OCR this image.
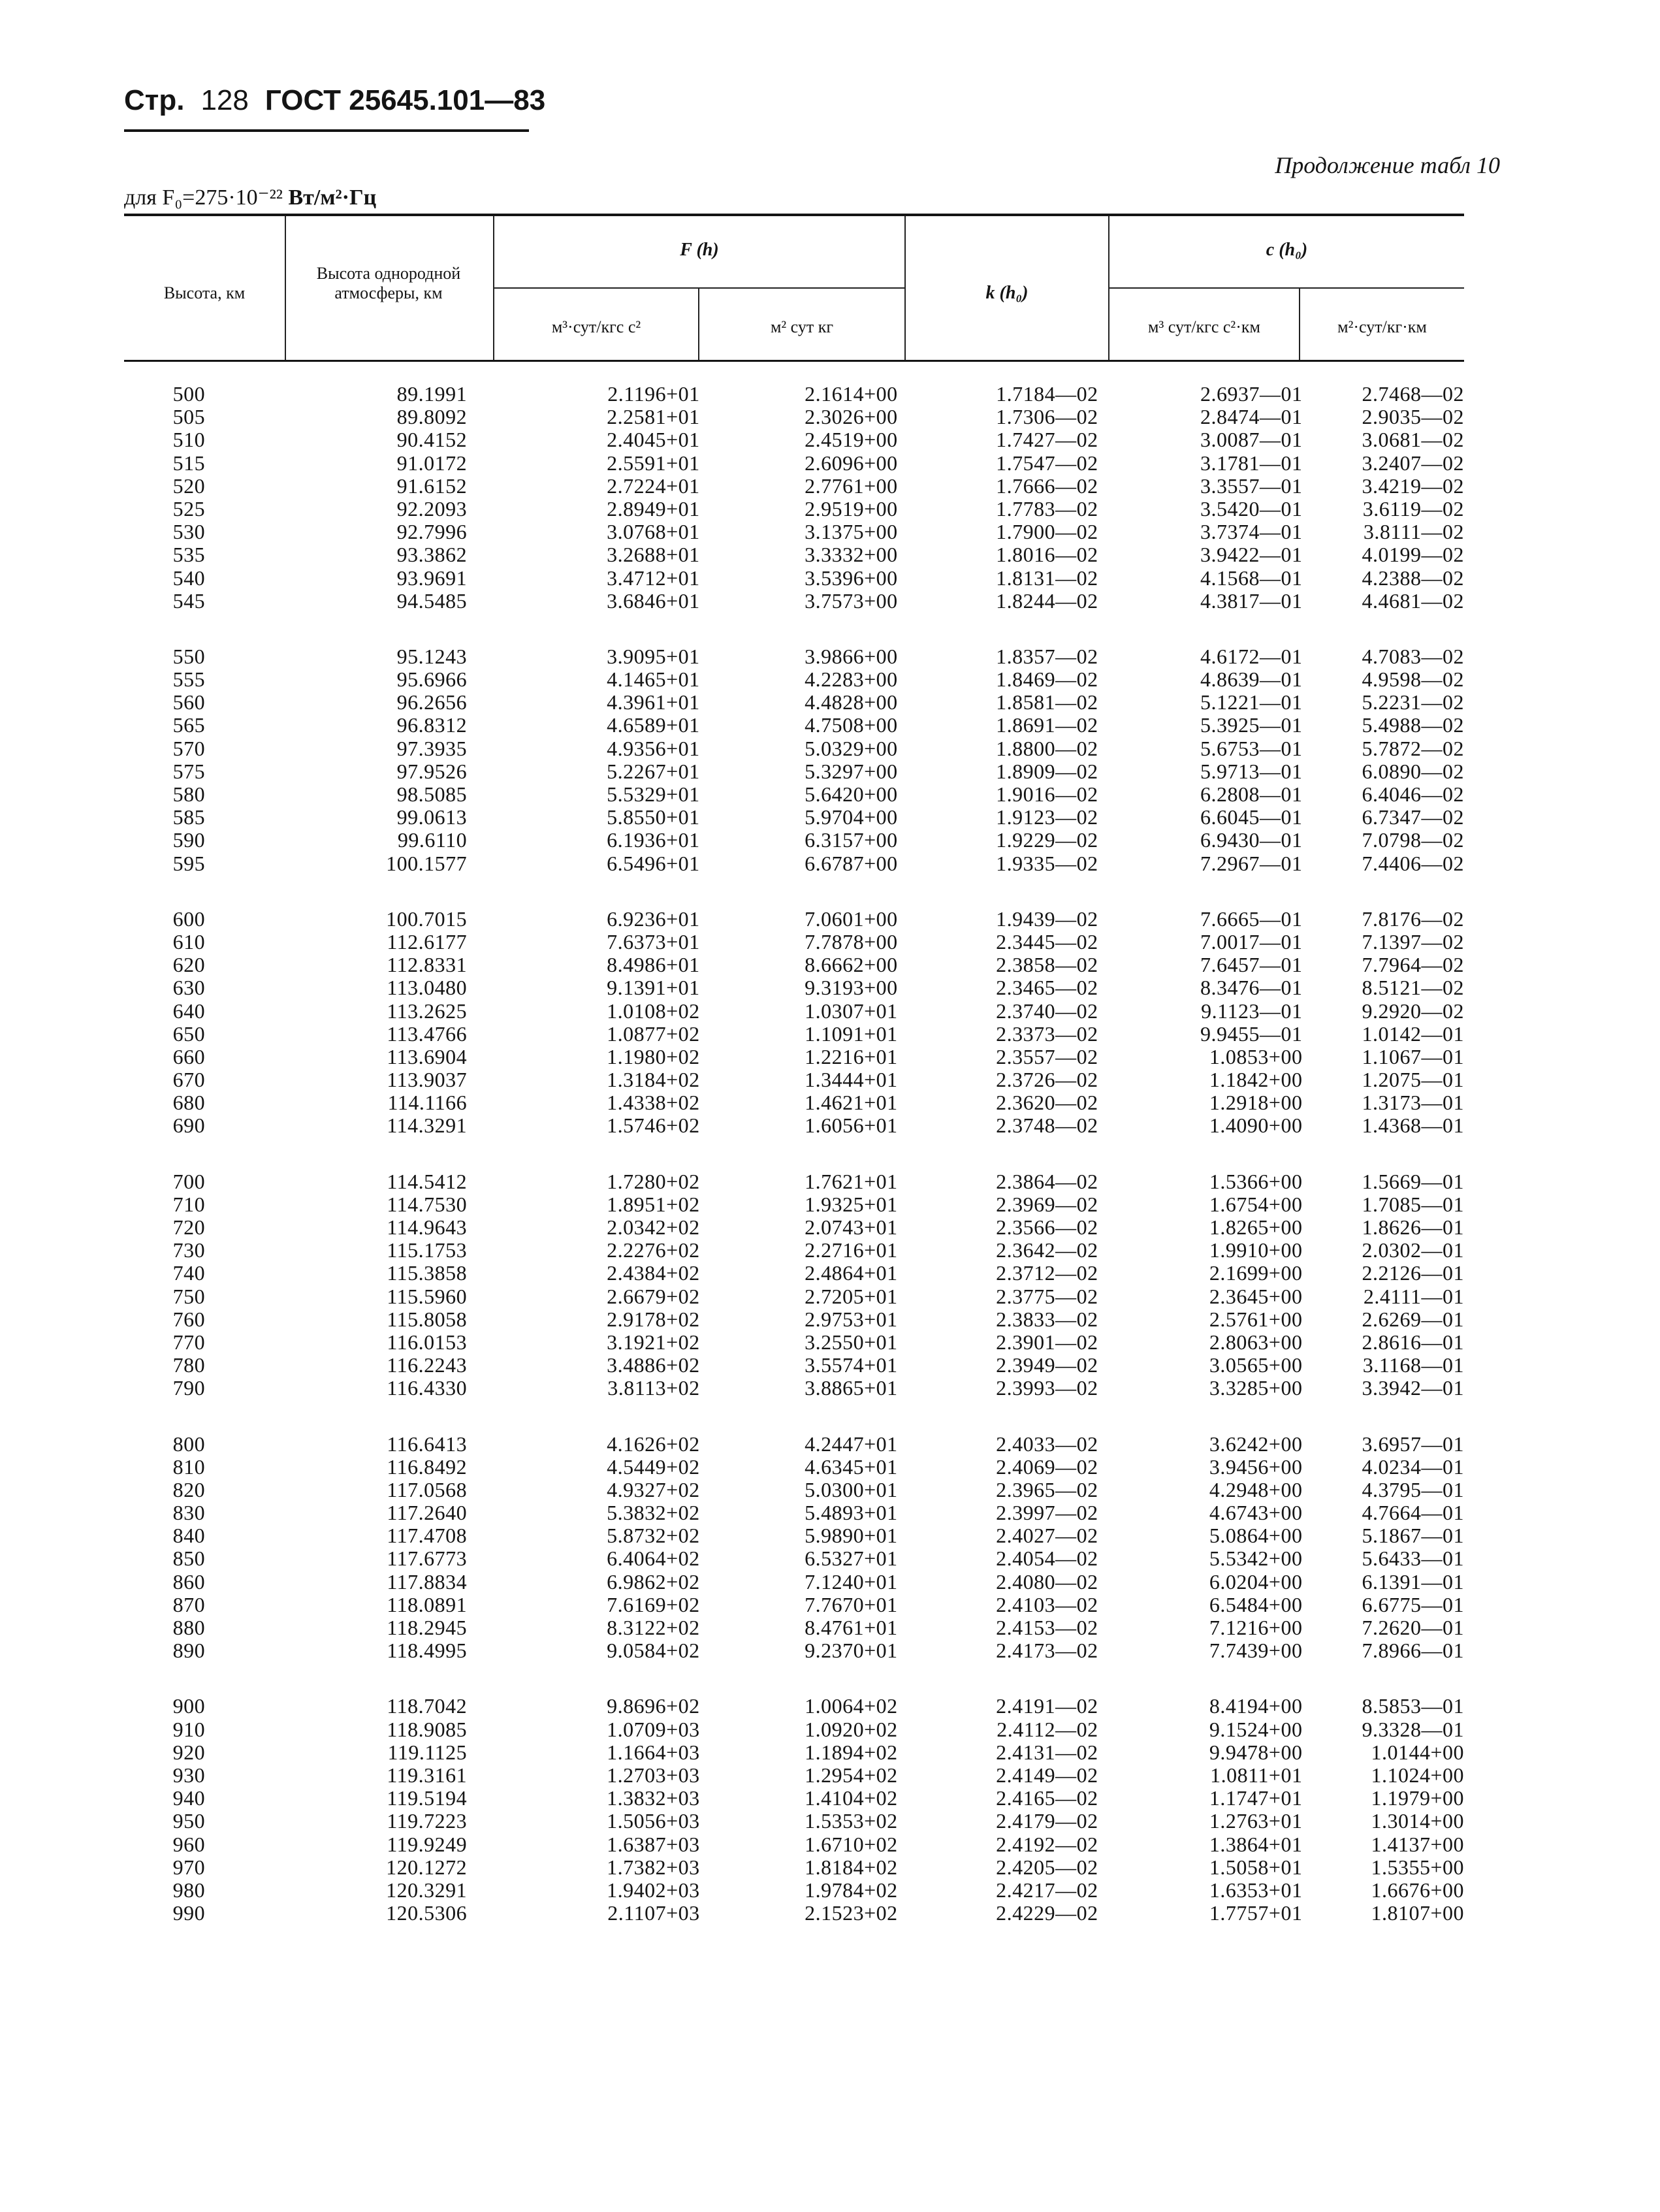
Стр. 128 ГОСТ 25645.101—83
Продолжение табл 10
для F₀=275·10⁻²² Вт/м²·Гц
Высота, км
Высота однородной атмосферы, км
F (h)
м³·сут/кгс с²	м² сут кг
k (h₀)
c (h₀)
м³ сут/кгс с²·км	м²·сут/кг·км
500	89.1991	2.1196+01	2.1614+00	1.7184—02	2.6937—01	2.7468—02
505	89.8092	2.2581+01	2.3026+00	1.7306—02	2.8474—01	2.9035—02
510	90.4152	2.4045+01	2.4519+00	1.7427—02	3.0087—01	3.0681—02
515	91.0172	2.5591+01	2.6096+00	1.7547—02	3.1781—01	3.2407—02
520	91.6152	2.7224+01	2.7761+00	1.7666—02	3.3557—01	3.4219—02
525	92.2093	2.8949+01	2.9519+00	1.7783—02	3.5420—01	3.6119—02
530	92.7996	3.0768+01	3.1375+00	1.7900—02	3.7374—01	3.8111—02
535	93.3862	3.2688+01	3.3332+00	1.8016—02	3.9422—01	4.0199—02
540	93.9691	3.4712+01	3.5396+00	1.8131—02	4.1568—01	4.2388—02
545	94.5485	3.6846+01	3.7573+00	1.8244—02	4.3817—01	4.4681—02
550	95.1243	3.9095+01	3.9866+00	1.8357—02	4.6172—01	4.7083—02
555	95.6966	4.1465+01	4.2283+00	1.8469—02	4.8639—01	4.9598—02
560	96.2656	4.3961+01	4.4828+00	1.8581—02	5.1221—01	5.2231—02
565	96.8312	4.6589+01	4.7508+00	1.8691—02	5.3925—01	5.4988—02
570	97.3935	4.9356+01	5.0329+00	1.8800—02	5.6753—01	5.7872—02
575	97.9526	5.2267+01	5.3297+00	1.8909—02	5.9713—01	6.0890—02
580	98.5085	5.5329+01	5.6420+00	1.9016—02	6.2808—01	6.4046—02
585	99.0613	5.8550+01	5.9704+00	1.9123—02	6.6045—01	6.7347—02
590	99.6110	6.1936+01	6.3157+00	1.9229—02	6.9430—01	7.0798—02
595	100.1577	6.5496+01	6.6787+00	1.9335—02	7.2967—01	7.4406—02
600	100.7015	6.9236+01	7.0601+00	1.9439—02	7.6665—01	7.8176—02
610	112.6177	7.6373+01	7.7878+00	2.3445—02	7.0017—01	7.1397—02
620	112.8331	8.4986+01	8.6662+00	2.3858—02	7.6457—01	7.7964—02
630	113.0480	9.1391+01	9.3193+00	2.3465—02	8.3476—01	8.5121—02
640	113.2625	1.0108+02	1.0307+01	2.3740—02	9.1123—01	9.2920—02
650	113.4766	1.0877+02	1.1091+01	2.3373—02	9.9455—01	1.0142—01
660	113.6904	1.1980+02	1.2216+01	2.3557—02	1.0853+00	1.1067—01
670	113.9037	1.3184+02	1.3444+01	2.3726—02	1.1842+00	1.2075—01
680	114.1166	1.4338+02	1.4621+01	2.3620—02	1.2918+00	1.3173—01
690	114.3291	1.5746+02	1.6056+01	2.3748—02	1.4090+00	1.4368—01
700	114.5412	1.7280+02	1.7621+01	2.3864—02	1.5366+00	1.5669—01
710	114.7530	1.8951+02	1.9325+01	2.3969—02	1.6754+00	1.7085—01
720	114.9643	2.0342+02	2.0743+01	2.3566—02	1.8265+00	1.8626—01
730	115.1753	2.2276+02	2.2716+01	2.3642—02	1.9910+00	2.0302—01
740	115.3858	2.4384+02	2.4864+01	2.3712—02	2.1699+00	2.2126—01
750	115.5960	2.6679+02	2.7205+01	2.3775—02	2.3645+00	2.4111—01
760	115.8058	2.9178+02	2.9753+01	2.3833—02	2.5761+00	2.6269—01
770	116.0153	3.1921+02	3.2550+01	2.3901—02	2.8063+00	2.8616—01
780	116.2243	3.4886+02	3.5574+01	2.3949—02	3.0565+00	3.1168—01
790	116.4330	3.8113+02	3.8865+01	2.3993—02	3.3285+00	3.3942—01
800	116.6413	4.1626+02	4.2447+01	2.4033—02	3.6242+00	3.6957—01
810	116.8492	4.5449+02	4.6345+01	2.4069—02	3.9456+00	4.0234—01
820	117.0568	4.9327+02	5.0300+01	2.3965—02	4.2948+00	4.3795—01
830	117.2640	5.3832+02	5.4893+01	2.3997—02	4.6743+00	4.7664—01
840	117.4708	5.8732+02	5.9890+01	2.4027—02	5.0864+00	5.1867—01
850	117.6773	6.4064+02	6.5327+01	2.4054—02	5.5342+00	5.6433—01
860	117.8834	6.9862+02	7.1240+01	2.4080—02	6.0204+00	6.1391—01
870	118.0891	7.6169+02	7.7670+01	2.4103—02	6.5484+00	6.6775—01
880	118.2945	8.3122+02	8.4761+01	2.4153—02	7.1216+00	7.2620—01
890	118.4995	9.0584+02	9.2370+01	2.4173—02	7.7439+00	7.8966—01
900	118.7042	9.8696+02	1.0064+02	2.4191—02	8.4194+00	8.5853—01
910	118.9085	1.0709+03	1.0920+02	2.4112—02	9.1524+00	9.3328—01
920	119.1125	1.1664+03	1.1894+02	2.4131—02	9.9478+00	1.0144+00
930	119.3161	1.2703+03	1.2954+02	2.4149—02	1.0811+01	1.1024+00
940	119.5194	1.3832+03	1.4104+02	2.4165—02	1.1747+01	1.1979+00
950	119.7223	1.5056+03	1.5353+02	2.4179—02	1.2763+01	1.3014+00
960	119.9249	1.6387+03	1.6710+02	2.4192—02	1.3864+01	1.4137+00
970	120.1272	1.7382+03	1.8184+02	2.4205—02	1.5058+01	1.5355+00
980	120.3291	1.9402+03	1.9784+02	2.4217—02	1.6353+01	1.6676+00
990	120.5306	2.1107+03	2.1523+02	2.4229—02	1.7757+01	1.8107+00
